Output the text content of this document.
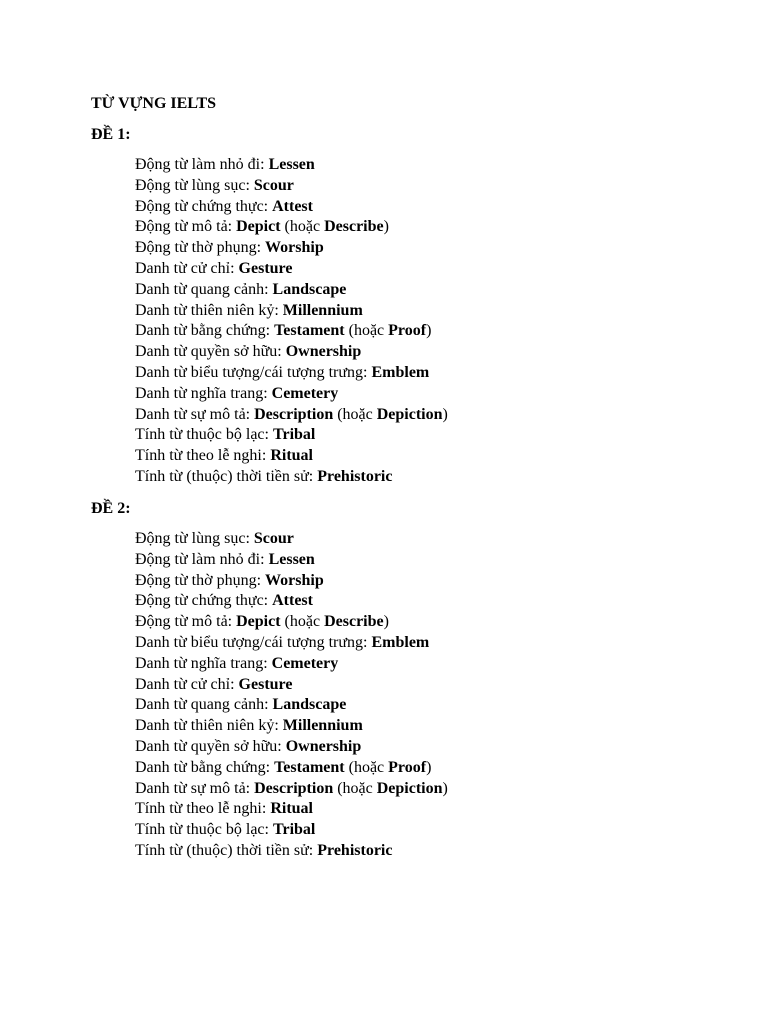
TỪ VỰNG IELTS
ĐỀ 1:
Động từ làm nhỏ đi: Lessen
Động từ lùng sục: Scour
Động từ chứng thực: Attest
Động từ mô tả: Depict (hoặc Describe)
Động từ thờ phụng: Worship
Danh từ cử chỉ: Gesture
Danh từ quang cảnh: Landscape
Danh từ thiên niên kỷ: Millennium
Danh từ bằng chứng: Testament (hoặc Proof)
Danh từ quyền sở hữu: Ownership
Danh từ biểu tượng/cái tượng trưng: Emblem
Danh từ nghĩa trang: Cemetery
Danh từ sự mô tả: Description (hoặc Depiction)
Tính từ thuộc bộ lạc: Tribal
Tính từ theo lễ nghi: Ritual
Tính từ (thuộc) thời tiền sử: Prehistoric
ĐỀ 2:
Động từ lùng sục: Scour
Động từ làm nhỏ đi: Lessen
Động từ thờ phụng: Worship
Động từ chứng thực: Attest
Động từ mô tả: Depict (hoặc Describe)
Danh từ biểu tượng/cái tượng trưng: Emblem
Danh từ nghĩa trang: Cemetery
Danh từ cử chỉ: Gesture
Danh từ quang cảnh: Landscape
Danh từ thiên niên kỷ: Millennium
Danh từ quyền sở hữu: Ownership
Danh từ bằng chứng: Testament (hoặc Proof)
Danh từ sự mô tả: Description (hoặc Depiction)
Tính từ theo lễ nghi: Ritual
Tính từ thuộc bộ lạc: Tribal
Tính từ (thuộc) thời tiền sử: Prehistoric
